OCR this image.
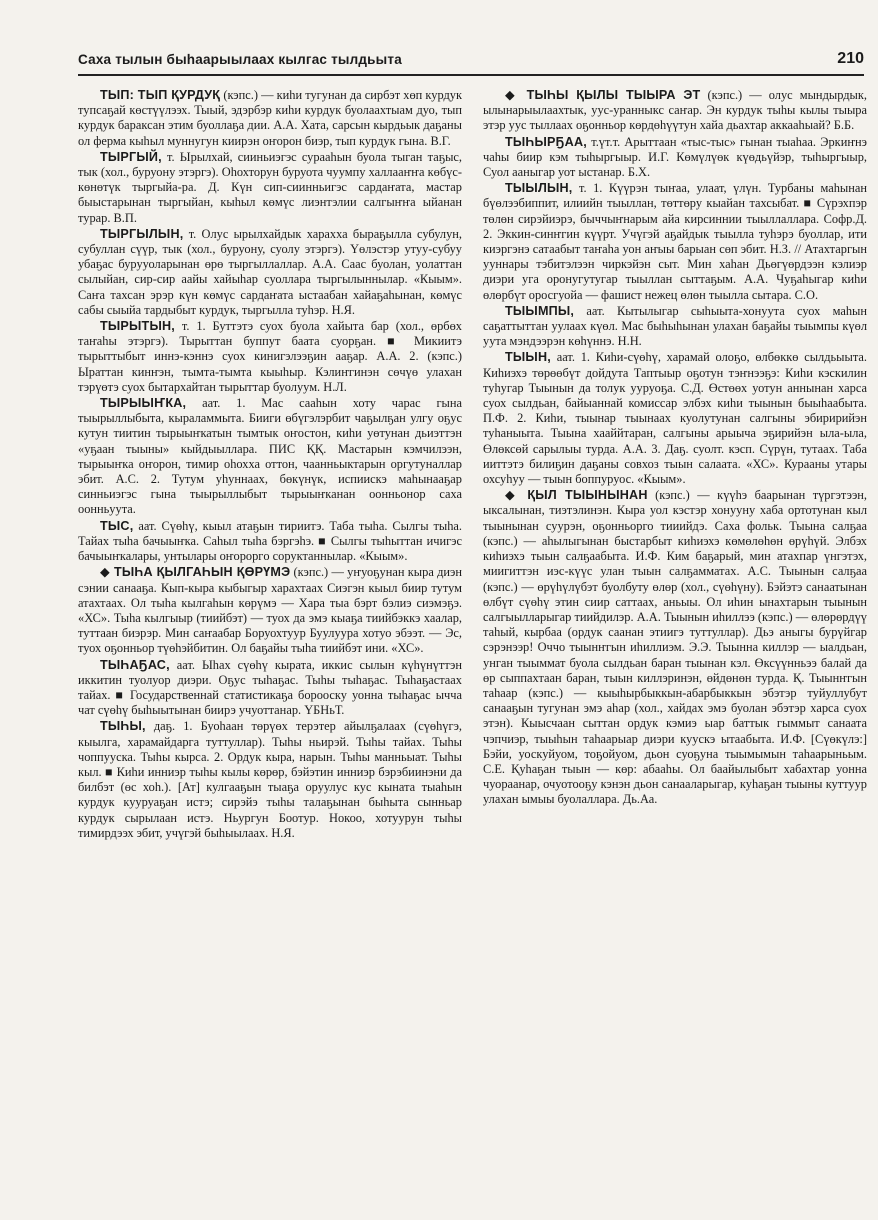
Саха тылын быһаарыылаах кылгас тылдьыта	210

ТЫП: ТЫП ҚУРДУҚ (кэпс.) — киһи тугунан да сирбэт хөп курдук тупсаҕай көстүүлээх. Тыый, эдэрбэр киһи курдук буолаахтыам дуо, тып курдук бараксан этим буоллаҕа дии. А.А. Хата, сарсын кырдьык даҕаны ол ферма кыһыл муннугун киирэн оҥорон биэр, тып курдук гына. В.Г.

ТЫРГЫЙ, т. Ырылхай, сииньиэгэс сурааһын буола тыган таҕыс, тык (хол., буруону этэргэ). Оһохторун буруота чуумпу халлааҥҥа көбүс-көнөтүк тыргыйа-ра. Д. Күн сип-сиинньигэс сардаҥата, мастар быыстарынан тыргыйан, кыһыл көмүс лиэнтэлии салгыҥҥа ыйанан турар. В.П.

ТЫРГЫЛЫН, т. Олус ырылхайдык харахха быраҕылла субулун, субуллан сүүр, тык (хол., буруону, суолу этэргэ). Үөлэстэр утуу-субуу убаҕас бурууоларынан өрө тыргыллаллар. А.А. Саас буолан, уолаттан сылыйан, сир-сир аайы хайыһар суоллара тыргылыннылар. «Кыым». Саҥа тахсан эрэр күн көмүс сардаҥата ыстаабан хайаҕаһынан, көмүс сабы сыыйа тардыбыт курдук, тыргылла туһэр. Н.Я.

ТЫРЫТЫН, т. 1. Буттэтэ суох буола хайыта бар (хол., өрбөх таҥаһы этэргэ). Тырыттан буппут баата суорҕан. ■ Микиитэ тырыттыбыт иннэ-кэннэ суох кинигэлээҕин ааҕар. А.А. 2. (кэпс.) Ыраттан кинҥэн, тымта-тымта кыыһыр. Кэлиҥгинэн сөчүө улахан тэрүөтэ суох бытархайтан тырыттар буолуум. Н.Л.

ТЫРЫЫҤКА, аат. 1. Мас сааһын хоту чарас гына тыырыллыбыта, кыраламмыта. Бииги өбүгэлэрбит чаҕылҕан улгу оҕус кутун тиитин тырыыҥкатын тымтык оҥостон, киһи уөтунан дьиэттэн «уҕаан тыыны» кыйдыыллара. ПИС ҚҚ. Мастарын кэмчилээн, тырыыҥка оҥорон, тимир оһохха оттон, чаанньыктарын оргутуналлар эбит. А.С. 2. Тутум уһуннаах, бөкүнүк, испиискэ маһынааҕар синньиэгэс гына тыырыллыбыт тырыыҥканан оонньонор саха оонньуута.

ТЫС, аат. Сүөһү, кыыл атаҕын тириитэ. Таба тыһа. Сылгы тыһа. Тайах тыһа бачыыҥка. Саһыл тыһа бэргэһэ. ■ Сылгы тыһыттан ичигэс бачыыҥкалары, унтылары оҥороргo соруктаннылар. «Кыым».

◆ ТЫҺА ҚЫЛГАҺЫН ҚӨРҮМЭ (кэпс.) — уҥуоҕунан кыра диэн сэнии санааҕа. Кып-кыра кыбыгыр харахтаах Сиэгэн кыыл биир тутум атахтаах. Ол тыһа кылгаһын көрүмэ — Хара тыа бэрт бэлиэ сиэмэҕэ. «ХС». Тыһа кылгыыр (тиийбэт) — туох да эмэ кыаҕа тиийбэккэ хаалар, туттаан биэрэр. Мин саҥаабар Боруохтуур Буулуура хотуо эбээт. — Эс, туох оҕонньор түөһэйбитин. Ол баҕайы тыһа тиийбэт ини. «ХС».

ТЫҺАҔАС, аат. Ыһах сүөһү кырата, иккис сылын күһүнүттэн иккитин туолуор диэри. Оҕус тыһаҕас. Тыһы тыһаҕас. Тыһаҕастаах тайах. ■ Государственнай статистикаҕа борооску уонна тыһаҕас ычча чат сүөһү быһыытынан биирэ учуоттанар. ҮБНьТ.

ТЫҺЫ, даҕ. 1. Буоһаан төрүөх терэтер айылҕалаах (сүөһүгэ, кыылга, харамайдарга туттуллар). Тыһы ньирэй. Тыһы тайах. Тыһы чоппууска. Тыһы кырса. 2. Ордук кыра, нарын. Тыһы манньыат. Тыһы кыл. ■ Киһи инниэр тыһы кылы көрөр, бэйэтин инниэр бэрэбиинэни да билбэт (өс хоһ.). [Ат] кулгааҕын тыаҕа оруулус кус кыната тыаһын курдук кууруаҕан истэ; сирэйэ тыһы талаҕынан быһыта сынньар курдук сырылаан истэ. Ньургун Боотур. Нокоо, хотуурун тыһы тимирдээх эбит, учүгэй быһыылаах. Н.Я.

◆ ТЫҺЫ ҚЫЛЫ ТЫЫРА ЭТ (кэпс.) — олус мындырдык, ылынарыылаахтык, уус-уранныкс саҥар. Эн курдук тыһы кылы тыыра этэр уус тыллаах оҕонньор көрдөһүүтун хайа дьахтар аккааһыай? Б.Б.

ТЫҺЫРҔАА, т.үт.т. Арыттаан «тыс-тыс» гынан тыаһаа. Эркиҥнэ чаһы биир кэм тыһыргыыр. И.Г. Көмүлүөк күөдьүйэр, тыһыргыыр, Суол ааныгар уот ыстанар. Б.Х.

ТЫЫЛЫН, т. 1. Күүрэн тыҥаа, улаат, үлүн. Турбаны маһынан бүөлээбиппит, илиийн тыыллан, төттөру кыайан тахсыбат. ■ Сүрэхпэр төлөн сирэйиэрэ, быччыҥнарым айа кирсиннии тыыллаллара. Софр.Д. 2. Эккин-синҥгин күүрт. Учүгэй аҕайдык тыылла туһэрэ буоллар, ити киэргэнэ сатаабыт таҥаһа уон аҥыы барыан сөп эбит. Н.З. // Атахтаргын ууннары тэбитэлээн чиркэйэн сыт. Мин хаһан Дьөгүөрдээн кэлиэр диэри уга оронугутугар тыыллан сыттаҕым. А.А. Чуҕаһыгар киһи өлөрбүт оросгуойа — фашист нежец өлөн тыылла сытара. С.О.

ТЫЫМПЫ, аат. Кытылыгар сыһыыта-хонуута суох маһын саҕаттыттан уулаах күөл. Мас быһыһынан улахан баҕайы тыымпы күөл уута мэндээрэн көһүннэ. Н.Н.

ТЫЫН, аат. 1. Киһи-сүөһү, харамай олоҕо, өлбөккө сылдьыыта. Киһиэхэ төрөөбүт дойдута Таптыыр оҕотун тэҥнээҕэ: Киһи кэскилин туһугар Тыынын да толук ууруоҕа. С.Д. Өстөөх уотун аннынан харса суох сылдьан, байыаннай комиссар элбэх киһи тыынын быыһаабыта. П.Ф. 2. Киһи, тыынар тыынаах куолутунан салгыны эбиририйэн туһаныыта. Тыына хааййтаран, салгыны арыыча эҕирийэн ыла-ыла, Өлөксөй сарылыы турда. А.А. 3. Даҕ. суолт. кэсп. Сүрүн, тутаах. Таба ииттэтэ билиҕин даҕаны совхоз тыын салаата. «ХС». Курааны утары охсуһуу — тыын боппуруос. «Кыым».

◆ ҚЫЛ ТЫЫНЫНАН (кэпс.) — күүһэ баарынан түргэтээн, ыксалынан, тиэтэлинэн. Кыра уол кэстэр хонууну хаба ортотунан кыл тыынынан суурэн, оҕонньорго тииийдэ. Саха фольк. Тыына салҕаа (кэпс.) — аһылыгынан быстарбыт киһиэхэ көмөлөһөн өрүһүй. Элбэх киһиэхэ тыын салҕаабыта. И.Ф. Ким баҕарый, мин атахпар үнгэтэх, миигиттэн иэс-күүс улан тыын салҕамматах. А.С. Тыынын салҕаа (кэпс.) — өрүһүлүбэт буолбуту өлөр (хол., сүөһүну). Бэйэтэ санаатынан өлбүт сүөһү этин сиир саттаах, аньыы. Ол иһин ынахтарын тыынын салгыылларыгар тиийдилэр. А.А. Тыынын иһиллээ (кэпс.) — өлөрөрдүү таһый, кырбаа (ордук саанан этиигэ туттуллар). Дьэ аныгы бурүйгар сэрэнээр! Оччо тыынҥгын иһиллиэм. Э.Э. Тыынна киллэр — ыалдьан, унган тыыммат буола сылдьан баран тыынан кэл. Өксүүнньээ балай да өр сыппахтаан баран, тыын киллэринэн, өйдөнөн турда. Қ. Тыынҥгын таһаар (кэпс.) — кыыһырбыккын-абарбыккын эбэтэр туйуллубут санааҕын тугунан эмэ аһар (хол., хайдах эмэ буолан эбэтэр харса суох этэн). Кыысчаан сыттан ордук кэмиэ ыар баттык гыммыт санаата чэпчиэр, тыыһын таһаарыар диэри куускэ ытаабыта. И.Ф. [Сүөкүлэ:] Бэйи, уоскуйуом, тоҕойуом, дьон суоҕуна тыымымын таһаарыньым. С.Е. Қуһаҕан тыын — көр: абааһы. Ол баайылыбыт хабахтар уонна чуораанар, очуотооҕу кэнэн дьон санааларыгар, куһаҕан тыыны куттуур улахан ымыы буолаллара. Дь.Аа.
